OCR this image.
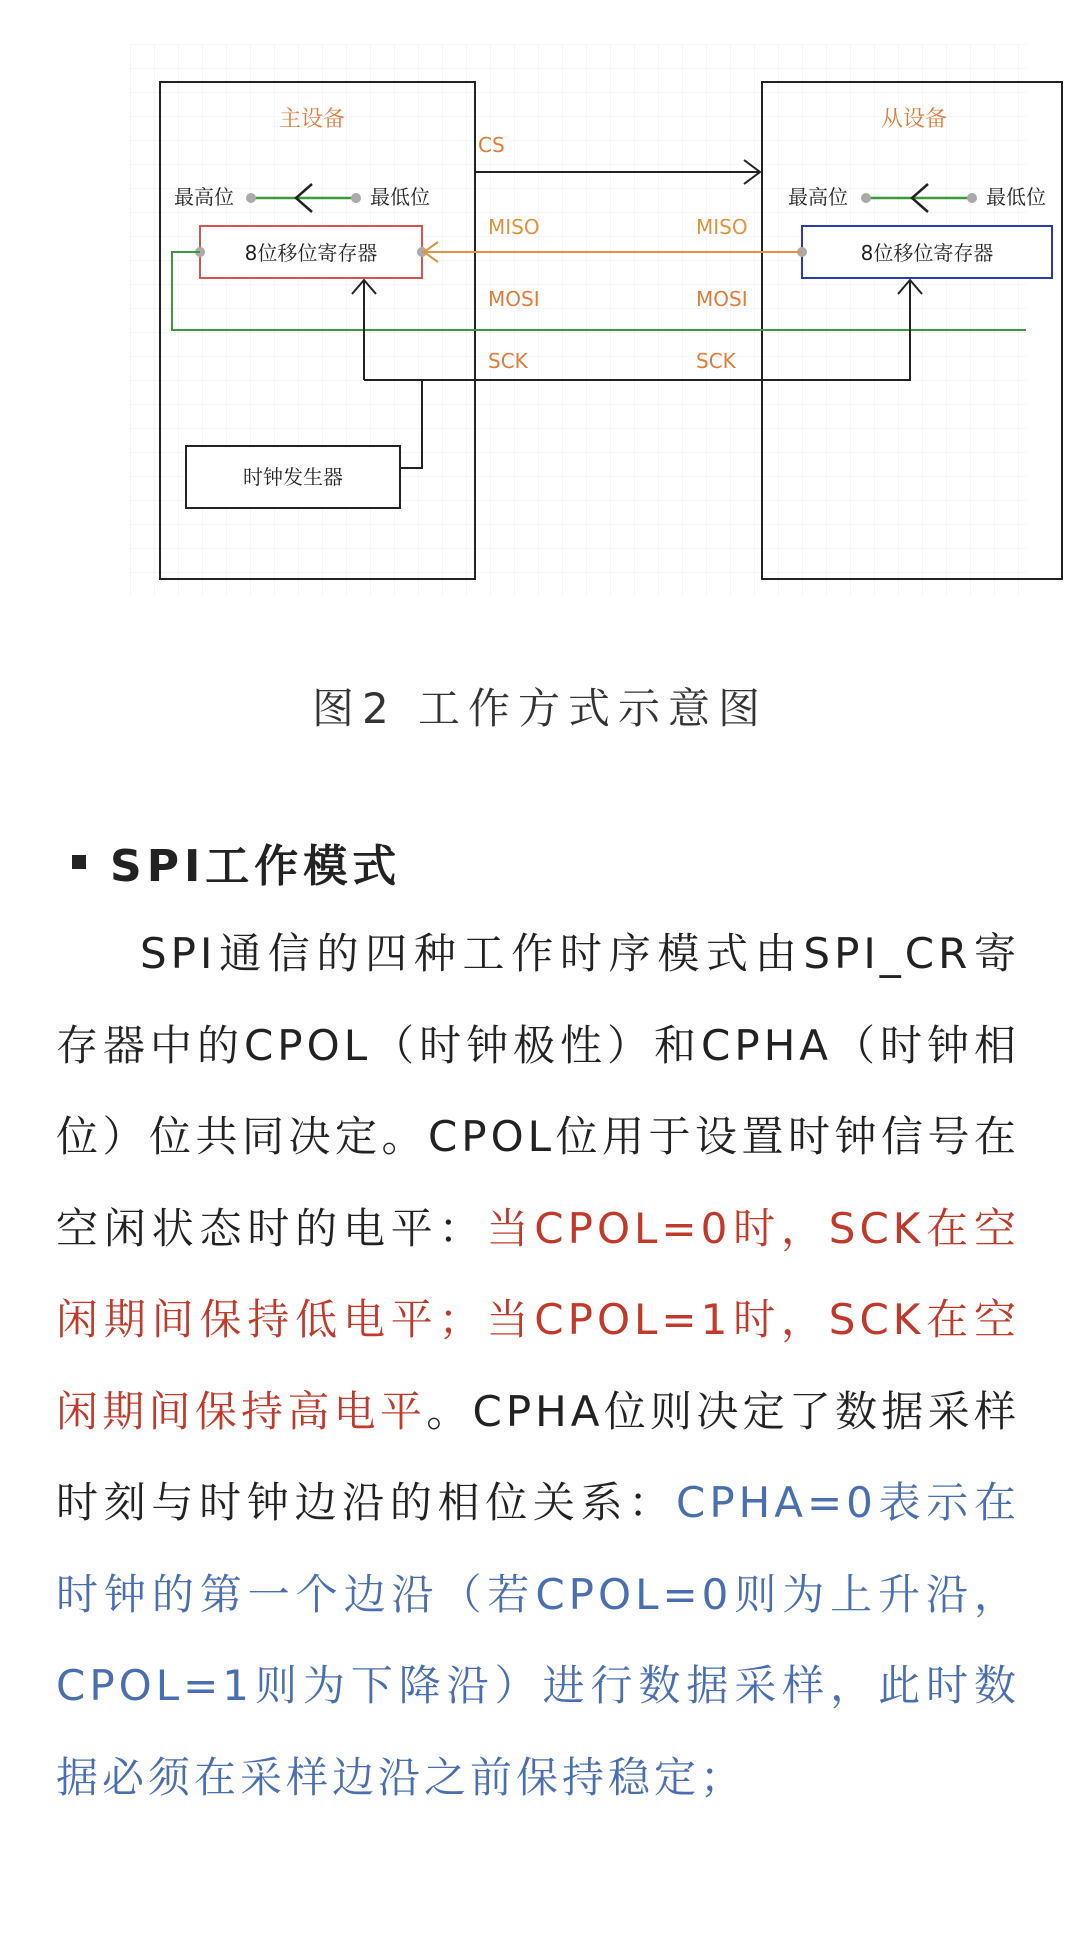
主设备	从设备
最高位	最低位	最高位	最低位
8位移位寄存器	8位移位寄存器
CS
MISO	MISO
MOSI	MOSI
SCK	SCK
时钟发生器
图2 工作方式示意图
SPI工作模式
SPI通信的四种工作时序模式由SPI_CR寄存器中的CPOL（时钟极性）和CPHA（时钟相位）位共同决定。CPOL位用于设置时钟信号在空闲状态时的电平：当CPOL=0时，SCK在空闲期间保持低电平；当CPOL=1时，SCK在空闲期间保持高电平。CPHA位则决定了数据采样时刻与时钟边沿的相位关系：CPHA=0表示在时钟的第一个边沿（若CPOL=0则为上升沿，CPOL=1则为下降沿）进行数据采样，此时数据必须在采样边沿之前保持稳定；
